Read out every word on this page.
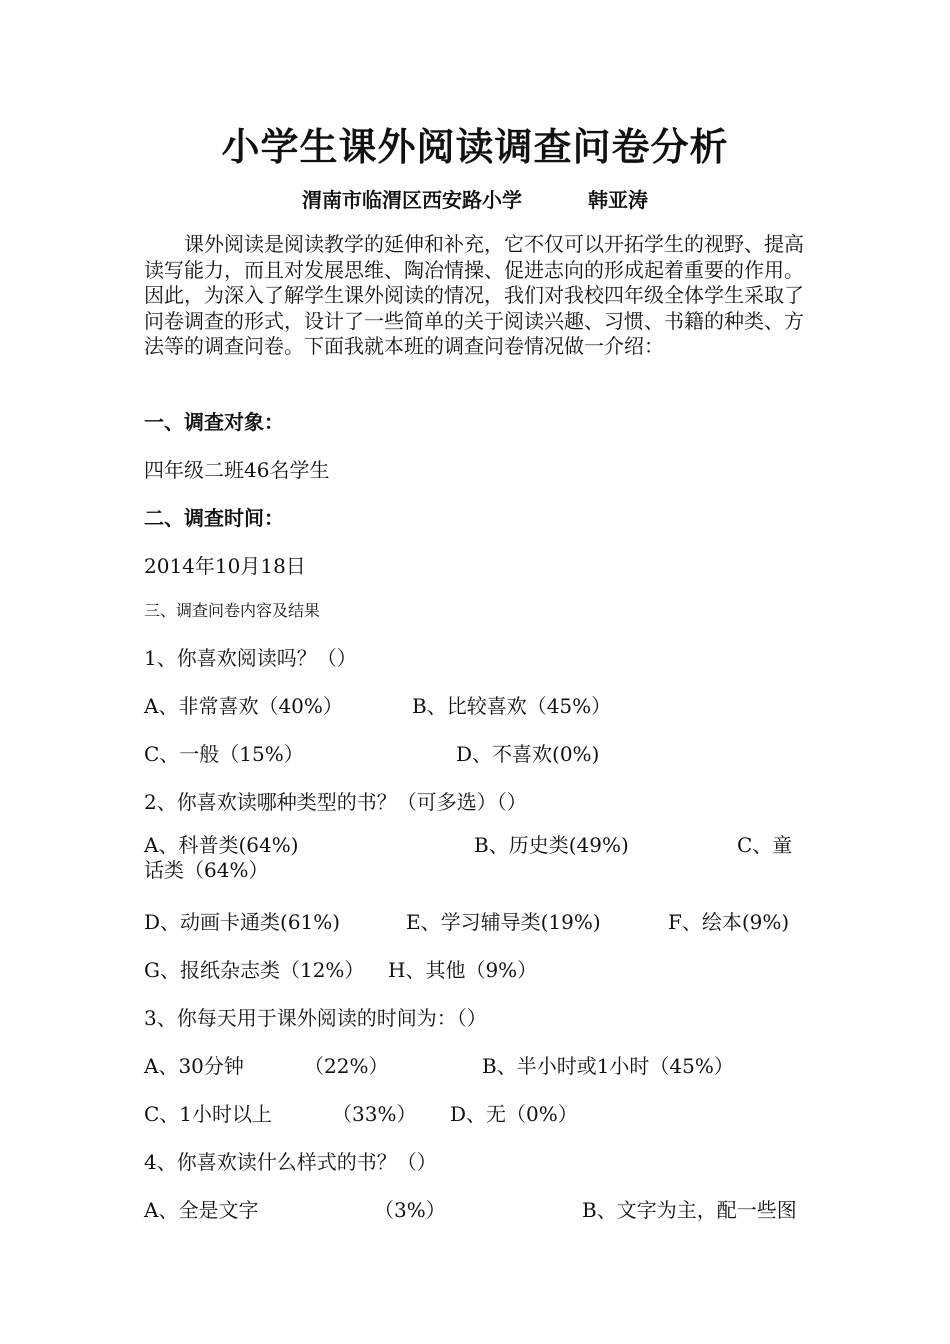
小学生课外阅读调查问卷分析
渭南市临渭区西安路小学	韩亚涛

课外阅读是阅读教学的延伸和补充，它不仅可以开拓学生的视野、提高读写能力，而且对发展思维、陶冶情操、促进志向的形成起着重要的作用。因此，为深入了解学生课外阅读的情况，我们对我校四年级全体学生采取了问卷调查的形式，设计了一些简单的关于阅读兴趣、习惯、书籍的种类、方法等的调查问卷。下面我就本班的调查问卷情况做一介绍：

一、调查对象：
四年级二班46名学生
二、调查时间：
2014年10月18日
三、调查问卷内容及结果
1、你喜欢阅读吗？（）
A、非常喜欢（40%）	B、比较喜欢（45%）
C、一般（15%）	D、不喜欢(0%)
2、你喜欢读哪种类型的书？（可多选）（）
A、科普类(64%)	B、历史类(49%)	C、童话类（64%）
D、动画卡通类(61%)	E、学习辅导类(19%)	F、绘本(9%)
G、报纸杂志类（12%） H、其他（9%）
3、你每天用于课外阅读的时间为：（）
A、30分钟	（22%）	B、半小时或1小时（45%）
C、1小时以上	（33%） D、无（0%）
4、你喜欢读什么样式的书？（）
A、全是文字	（3%）	B、文字为主，配一些图
